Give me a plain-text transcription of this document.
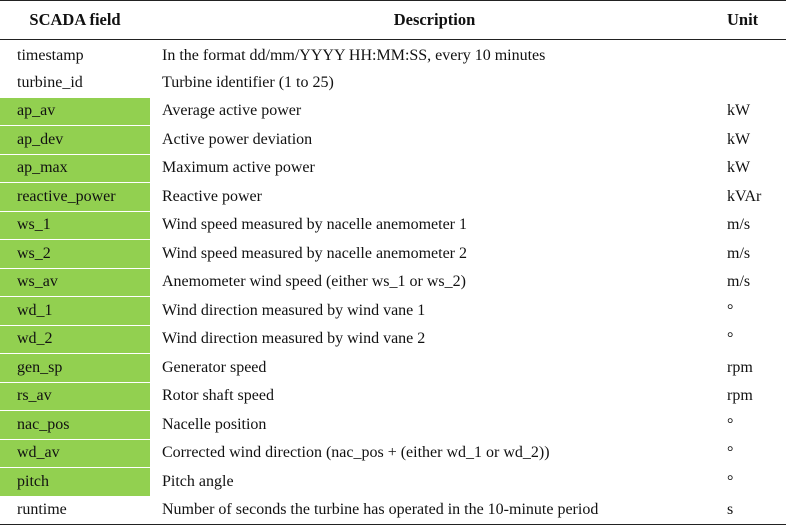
SCADA field	Description	Unit
timestamp	In the format dd/mm/YYYY HH:MM:SS, every 10 minutes	
turbine_id	Turbine identifier (1 to 25)	
ap_av	Average active power	kW
ap_dev	Active power deviation	kW
ap_max	Maximum active power	kW
reactive_power	Reactive power	kVAr
ws_1	Wind speed measured by nacelle anemometer 1	m/s
ws_2	Wind speed measured by nacelle anemometer 2	m/s
ws_av	Anemometer wind speed (either ws_1 or ws_2)	m/s
wd_1	Wind direction measured by wind vane 1	°
wd_2	Wind direction measured by wind vane 2	°
gen_sp	Generator speed	rpm
rs_av	Rotor shaft speed	rpm
nac_pos	Nacelle position	°
wd_av	Corrected wind direction (nac_pos + (either wd_1 or wd_2))	°
pitch	Pitch angle	°
runtime	Number of seconds the turbine has operated in the 10-minute period	s
